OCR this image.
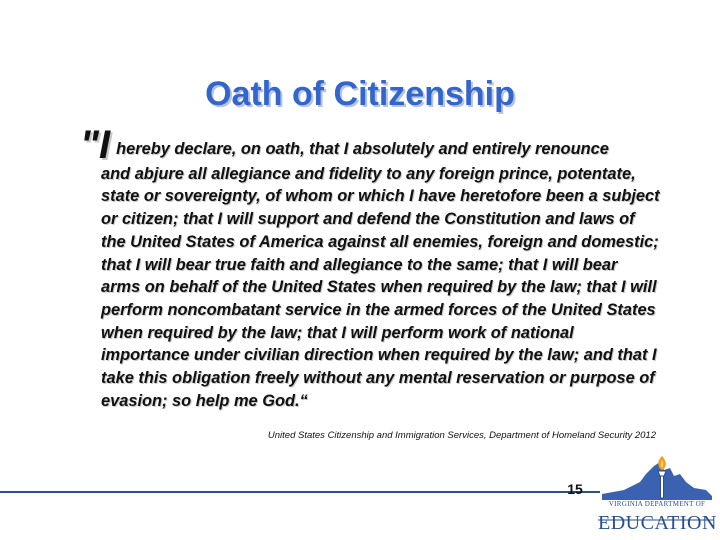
Oath of Citizenship

"Ihereby declare, on oath, that I absolutely and entirely renounce
and abjure all allegiance and fidelity to any foreign prince, potentate, state or sovereignty, of whom or which I have heretofore been a subject or citizen; that I will support and defend the Constitution and laws of the United States of America against all enemies, foreign and domestic; that I will bear true faith and allegiance to the same; that I will bear arms on behalf of the United States when required by the law; that I will perform noncombatant service in the armed forces of the United States when required by the law; that I will perform work of national importance under civilian direction when required by the law; and that I take this obligation freely without any mental reservation or purpose of evasion; so help me God.“

United States Citizenship and Immigration Services, Department of Homeland Security 2012

15
VIRGINIA DEPARTMENT OF
EDUCATION
